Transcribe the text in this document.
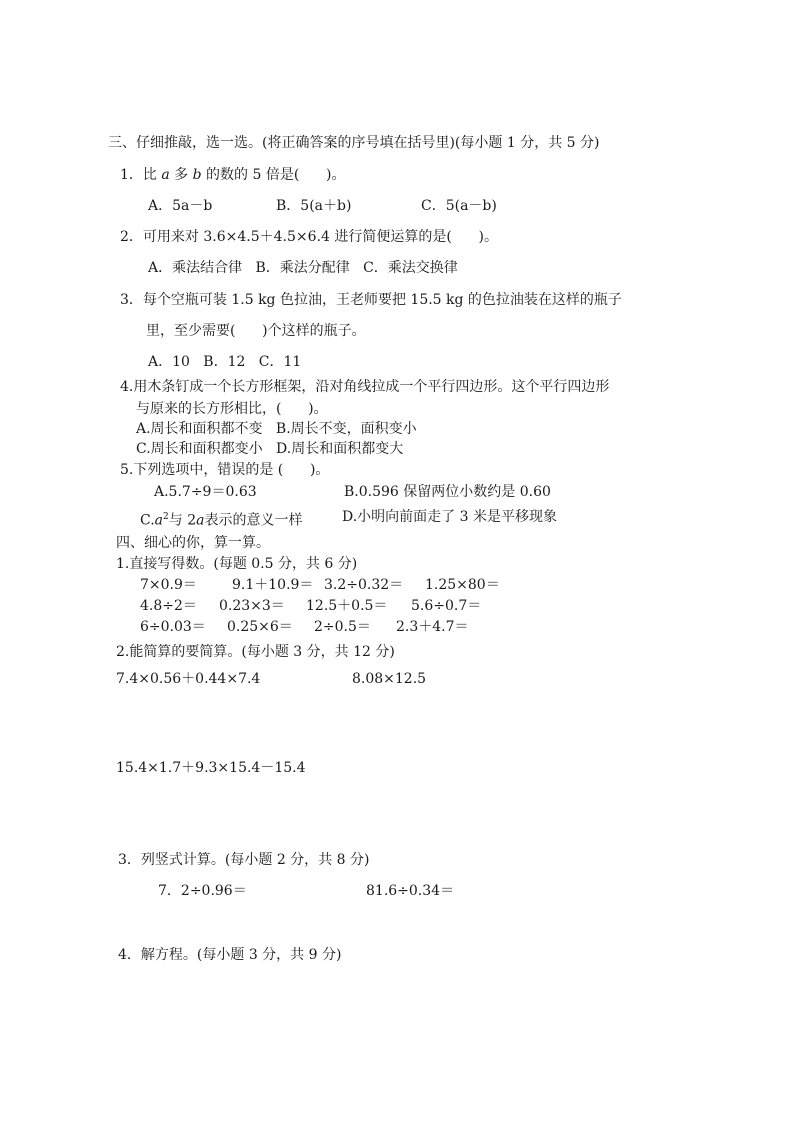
三、仔细推敲，选一选。(将正确答案的序号填在括号里)(每小题 1 分，共 5 分)
1．比 a 多 b 的数的 5 倍是(      )。
A．5a－b	B．5(a＋b)	C．5(a－b)
2．可用来对 3.6×4.5＋4.5×6.4 进行简便运算的是(      )。
A．乘法结合律   B．乘法分配律   C．乘法交换律
3．每个空瓶可装 1.5 kg 色拉油，王老师要把 15.5 kg 的色拉油装在这样的瓶子
里，至少需要(      )个这样的瓶子。
A．10   B．12   C．11
4.用木条钉成一个长方形框架，沿对角线拉成一个平行四边形。这个平行四边形
与原来的长方形相比，(      )。
A.周长和面积都不变   B.周长不变，面积变小
C.周长和面积都变小   D.周长和面积都变大
5.下列选项中，错误的是 (      )。
A.5.7÷9＝0.63	B.0.596 保留两位小数约是 0.60
$C.a^2$与 2a表示的意义一样	D.小明向前面走了 3 米是平移现象
四、细心的你，算一算。
1.直接写得数。(每题 0.5 分，共 6 分)
7×0.9＝	9.1＋10.9＝ 3.2÷0.32＝ 1.25×80＝
4.8÷2＝ 0.23×3＝ 12.5＋0.5＝ 5.6÷0.7＝
6÷0.03＝ 0.25×6＝ 2÷0.5＝ 2.3＋4.7＝
2.能简算的要简算。(每小题 3 分，共 12 分)
7.4×0.56＋0.44×7.4	8.08×12.5
15.4×1.7＋9.3×15.4－15.4
3．列竖式计算。(每小题 2 分，共 8 分)
7．2÷0.96＝	81.6÷0.34＝
4．解方程。(每小题 3 分，共 9 分)
